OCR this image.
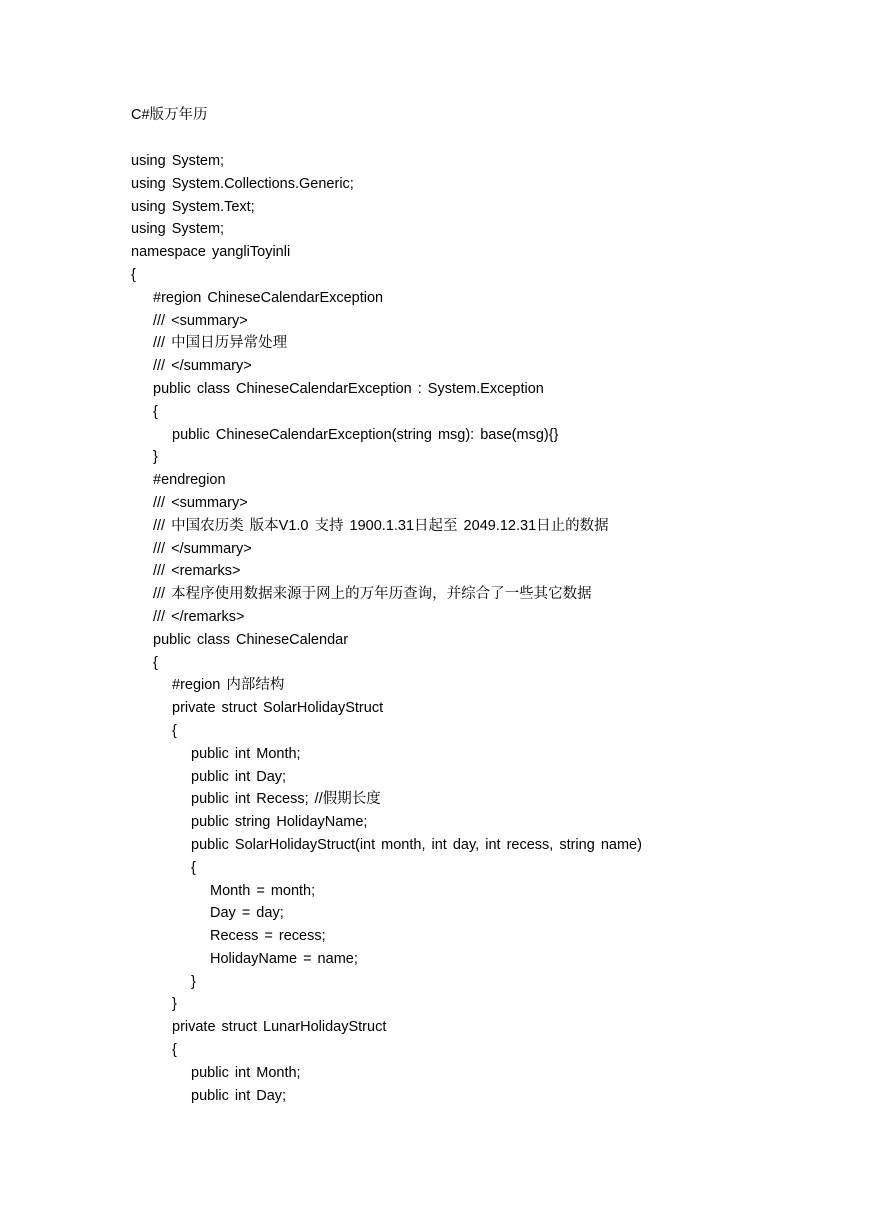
C#版万年历
using System;
using System.Collections.Generic;
using System.Text;
using System;
namespace yangliToyinli
{
#region ChineseCalendarException
/// <summary>
/// 中国日历异常处理
/// </summary>
public class ChineseCalendarException : System.Exception
{
public ChineseCalendarException(string msg): base(msg){}
}
#endregion
/// <summary>
/// 中国农历类 版本V1.0 支持 1900.1.31日起至 2049.12.31日止的数据
/// </summary>
/// <remarks>
/// 本程序使用数据来源于网上的万年历查询，并综合了一些其它数据
/// </remarks>
public class ChineseCalendar
{
#region 内部结构
private struct SolarHolidayStruct
{
public int Month;
public int Day;
public int Recess; //假期长度
public string HolidayName;
public SolarHolidayStruct(int month, int day, int recess, string name)
{
Month = month;
Day = day;
Recess = recess;
HolidayName = name;
}
}
private struct LunarHolidayStruct
{
public int Month;
public int Day;
